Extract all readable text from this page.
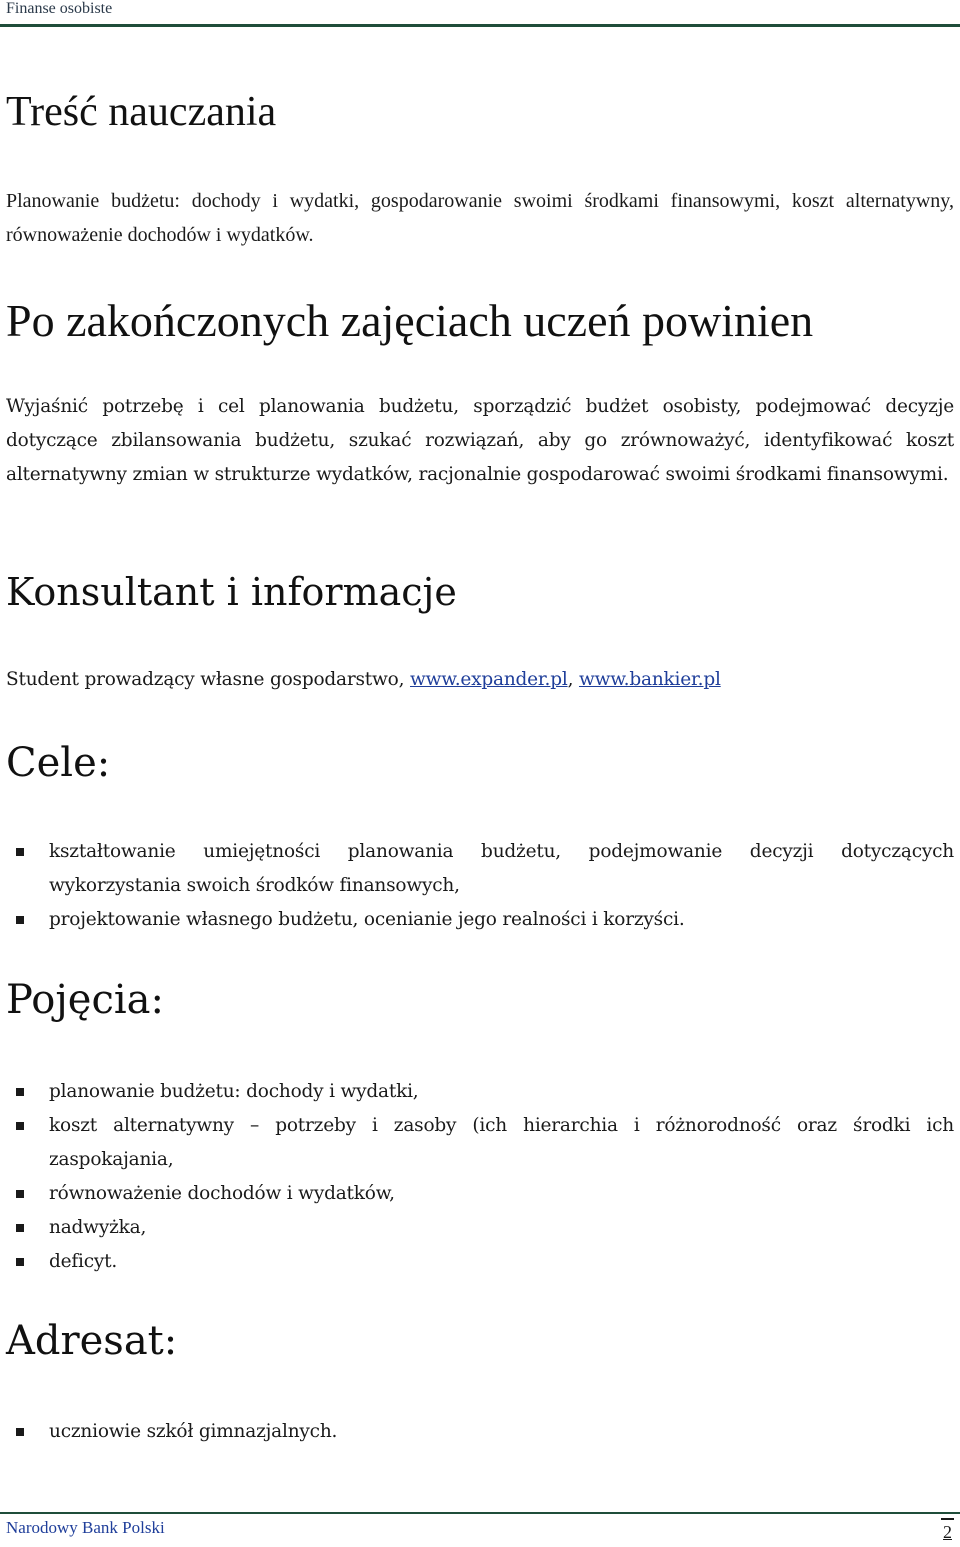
Finanse osobiste
Treść nauczania

Planowanie budżetu: dochody i wydatki, gospodarowanie swoimi środkami finansowymi, koszt alternatywny, równoważenie dochodów i wydatków.

Po zakończonych zajęciach uczeń powinien

Wyjaśnić potrzebę i cel planowania budżetu, sporządzić budżet osobisty, podejmować decyzje dotyczące zbilansowania budżetu, szukać rozwiązań, aby go zrównoważyć, identyfikować koszt alternatywny zmian w strukturze wydatków, racjonalnie gospodarować swoimi środkami finansowymi.

Konsultant i informacje

Student prowadzący własne gospodarstwo, www.expander.pl, www.bankier.pl

Cele:
kształtowanie umiejętności planowania budżetu, podejmowanie decyzji dotyczących wykorzystania swoich środków finansowych,
projektowanie własnego budżetu, ocenianie jego realności i korzyści.
Pojęcia:
planowanie budżetu: dochody i wydatki,
koszt alternatywny – potrzeby i zasoby (ich hierarchia i różnorodność oraz środki ich zaspokajania,
równoważenie dochodów i wydatków,
nadwyżka,
deficyt.
Adresat:
uczniowie szkół gimnazjalnych.
Narodowy Bank Polski	2
